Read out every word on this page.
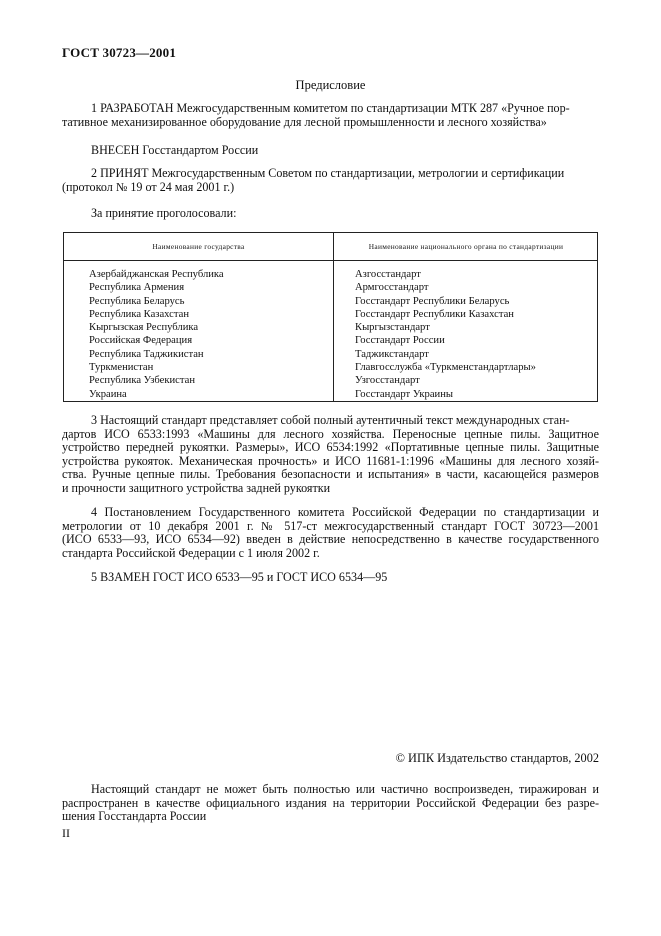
ГОСТ 30723—2001
Предисловие
1 РАЗРАБОТАН Межгосударственным комитетом по стандартизации МТК 287 «Ручное пор-
тативное механизированное оборудование для лесной промышленности и лесного хозяйства»
ВНЕСЕН Госстандартом России
2 ПРИНЯТ Межгосударственным Советом по стандартизации, метрологии и сертификации
(протокол № 19 от 24 мая 2001 г.)
За принятие проголосовали:
Наименование государства	Наименование национального органа по стандартизации
Азербайджанская Республика
Республика Армения
Республика Беларусь
Республика Казахстан
Кыргызская Республика
Российская Федерация
Республика Таджикистан
Туркменистан
Республика Узбекистан
Украина
Азгосстандарт
Армгосстандарт
Госстандарт Республики Беларусь
Госстандарт Республики Казахстан
Кыргызстандарт
Госстандарт России
Таджикстандарт
Главгосслужба «Туркменстандартлары»
Узгосстандарт
Госстандарт Украины
3 Настоящий стандарт представляет собой полный аутентичный текст международных стан-
дартов ИСО 6533:1993 «Машины для лесного хозяйства. Переносные цепные пилы. Защитное
устройство передней рукоятки. Размеры», ИСО 6534:1992 «Портативные цепные пилы. Защитные
устройства рукояток. Механическая прочность» и ИСО 11681-1:1996 «Машины для лесного хозяй-
ства. Ручные цепные пилы. Требования безопасности и испытания» в части, касающейся размеров
и прочности защитного устройства задней рукоятки
4 Постановлением Государственного комитета Российской Федерации по стандартизации и
метрологии от 10 декабря 2001 г. № 517-ст межгосударственный стандарт ГОСТ 30723—2001
(ИСО 6533—93, ИСО 6534—92) введен в действие непосредственно в качестве государственного
стандарта Российской Федерации с 1 июля 2002 г.
5 ВЗАМЕН ГОСТ ИСО 6533—95 и ГОСТ ИСО 6534—95
© ИПК Издательство стандартов, 2002
Настоящий стандарт не может быть полностью или частично воспроизведен, тиражирован и
распространен в качестве официального издания на территории Российской Федерации без разре-
шения Госстандарта России
II
